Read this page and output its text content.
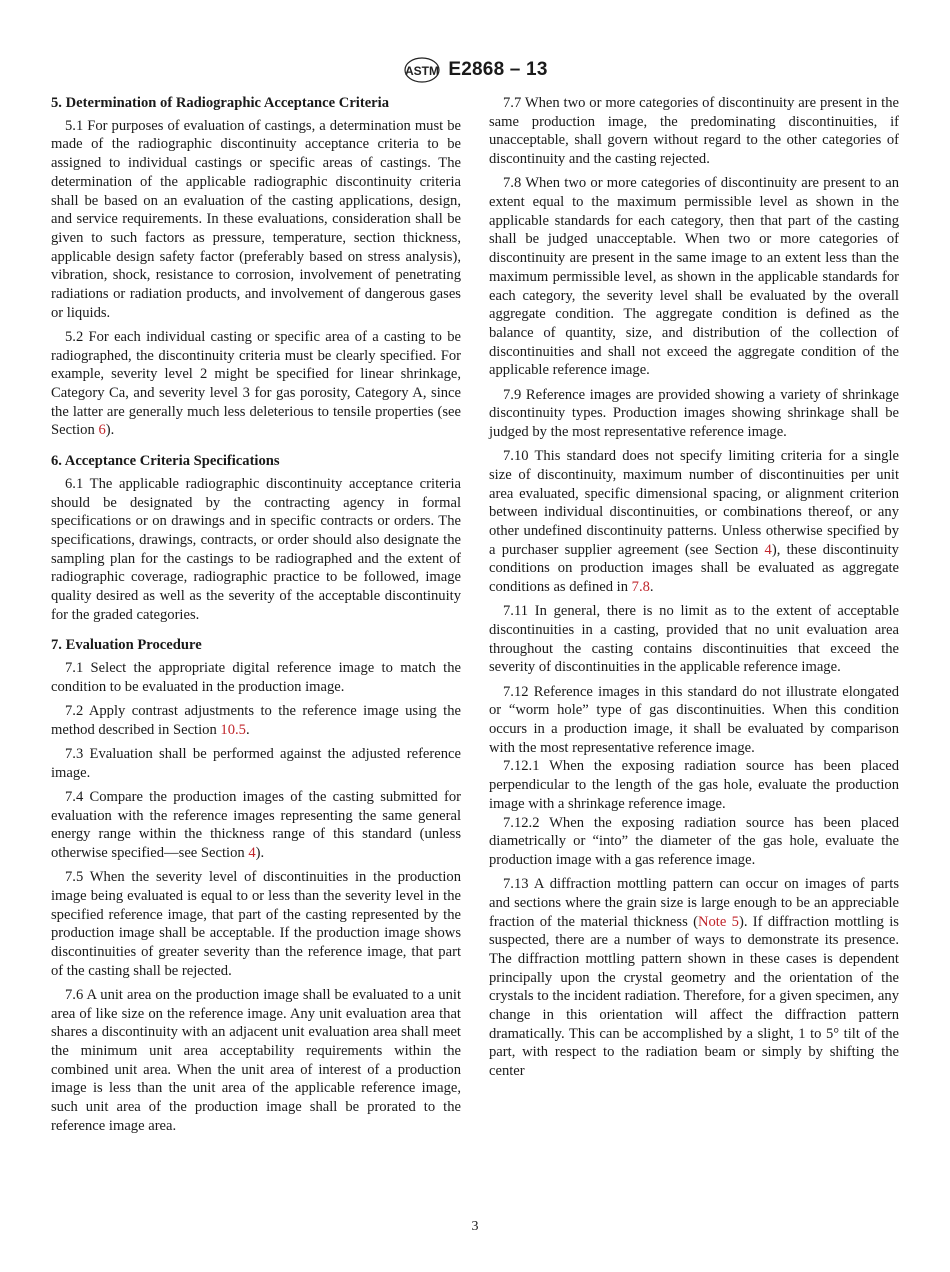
ASTM E2868 – 13
5. Determination of Radiographic Acceptance Criteria

5.1 For purposes of evaluation of castings, a determination must be made of the radiographic discontinuity acceptance criteria to be assigned to individual castings or specific areas of castings. The determination of the applicable radiographic discontinuity criteria shall be based on an evaluation of the casting applications, design, and service requirements. In these evaluations, consideration shall be given to such factors as pressure, temperature, section thickness, applicable design safety factor (preferably based on stress analysis), vibration, shock, resistance to corrosion, involvement of penetrating radiations or radiation products, and involvement of dangerous gases or liquids.

5.2 For each individual casting or specific area of a casting to be radiographed, the discontinuity criteria must be clearly specified. For example, severity level 2 might be specified for linear shrinkage, Category Ca, and severity level 3 for gas porosity, Category A, since the latter are generally much less deleterious to tensile properties (see Section 6).

6. Acceptance Criteria Specifications

6.1 The applicable radiographic discontinuity acceptance criteria should be designated by the contracting agency in formal specifications or on drawings and in specific contracts or orders. The specifications, drawings, contracts, or order should also designate the sampling plan for the castings to be radiographed and the extent of radiographic coverage, radiographic practice to be followed, image quality desired as well as the severity of the acceptable discontinuity for the graded categories.

7. Evaluation Procedure

7.1 Select the appropriate digital reference image to match the condition to be evaluated in the production image.

7.2 Apply contrast adjustments to the reference image using the method described in Section 10.5.

7.3 Evaluation shall be performed against the adjusted reference image.

7.4 Compare the production images of the casting submitted for evaluation with the reference images representing the same general energy range within the thickness range of this standard (unless otherwise specified—see Section 4).

7.5 When the severity level of discontinuities in the production image being evaluated is equal to or less than the severity level in the specified reference image, that part of the casting represented by the production image shall be acceptable. If the production image shows discontinuities of greater severity than the reference image, that part of the casting shall be rejected.

7.6 A unit area on the production image shall be evaluated to a unit area of like size on the reference image. Any unit evaluation area that shares a discontinuity with an adjacent unit evaluation area shall meet the minimum unit area acceptability requirements within the combined unit area. When the unit area of interest of a production image is less than the unit area of the applicable reference image, such unit area of the production image shall be prorated to the reference image area.

7.7 When two or more categories of discontinuity are present in the same production image, the predominating discontinuities, if unacceptable, shall govern without regard to the other categories of discontinuity and the casting rejected.

7.8 When two or more categories of discontinuity are present to an extent equal to the maximum permissible level as shown in the applicable standards for each category, then that part of the casting shall be judged unacceptable. When two or more categories of discontinuity are present in the same image to an extent less than the maximum permissible level, as shown in the applicable standards for each category, the severity level shall be evaluated by the overall aggregate condition. The aggregate condition is defined as the balance of quantity, size, and distribution of the collection of discontinuities and shall not exceed the aggregate condition of the applicable reference image.

7.9 Reference images are provided showing a variety of shrinkage discontinuity types. Production images showing shrinkage shall be judged by the most representative reference image.

7.10 This standard does not specify limiting criteria for a single size of discontinuity, maximum number of discontinuities per unit area evaluated, specific dimensional spacing, or alignment criterion between individual discontinuities, or combinations thereof, or any other undefined discontinuity patterns. Unless otherwise specified by a purchaser supplier agreement (see Section 4), these discontinuity conditions on production images shall be evaluated as aggregate conditions as defined in 7.8.

7.11 In general, there is no limit as to the extent of acceptable discontinuities in a casting, provided that no unit evaluation area throughout the casting contains discontinuities that exceed the severity of discontinuities in the applicable reference image.

7.12 Reference images in this standard do not illustrate elongated or “worm hole” type of gas discontinuities. When this condition occurs in a production image, it shall be evaluated by comparison with the most representative reference image.

7.12.1 When the exposing radiation source has been placed perpendicular to the length of the gas hole, evaluate the production image with a shrinkage reference image.

7.12.2 When the exposing radiation source has been placed diametrically or “into” the diameter of the gas hole, evaluate the production image with a gas reference image.

7.13 A diffraction mottling pattern can occur on images of parts and sections where the grain size is large enough to be an appreciable fraction of the material thickness (Note 5). If diffraction mottling is suspected, there are a number of ways to demonstrate its presence. The diffraction mottling pattern shown in these cases is dependent principally upon the crystal geometry and the orientation of the crystals to the incident radiation. Therefore, for a given specimen, any change in this orientation will affect the diffraction pattern dramatically. This can be accomplished by a slight, 1 to 5° tilt of the part, with respect to the radiation beam or simply by shifting the center

3
